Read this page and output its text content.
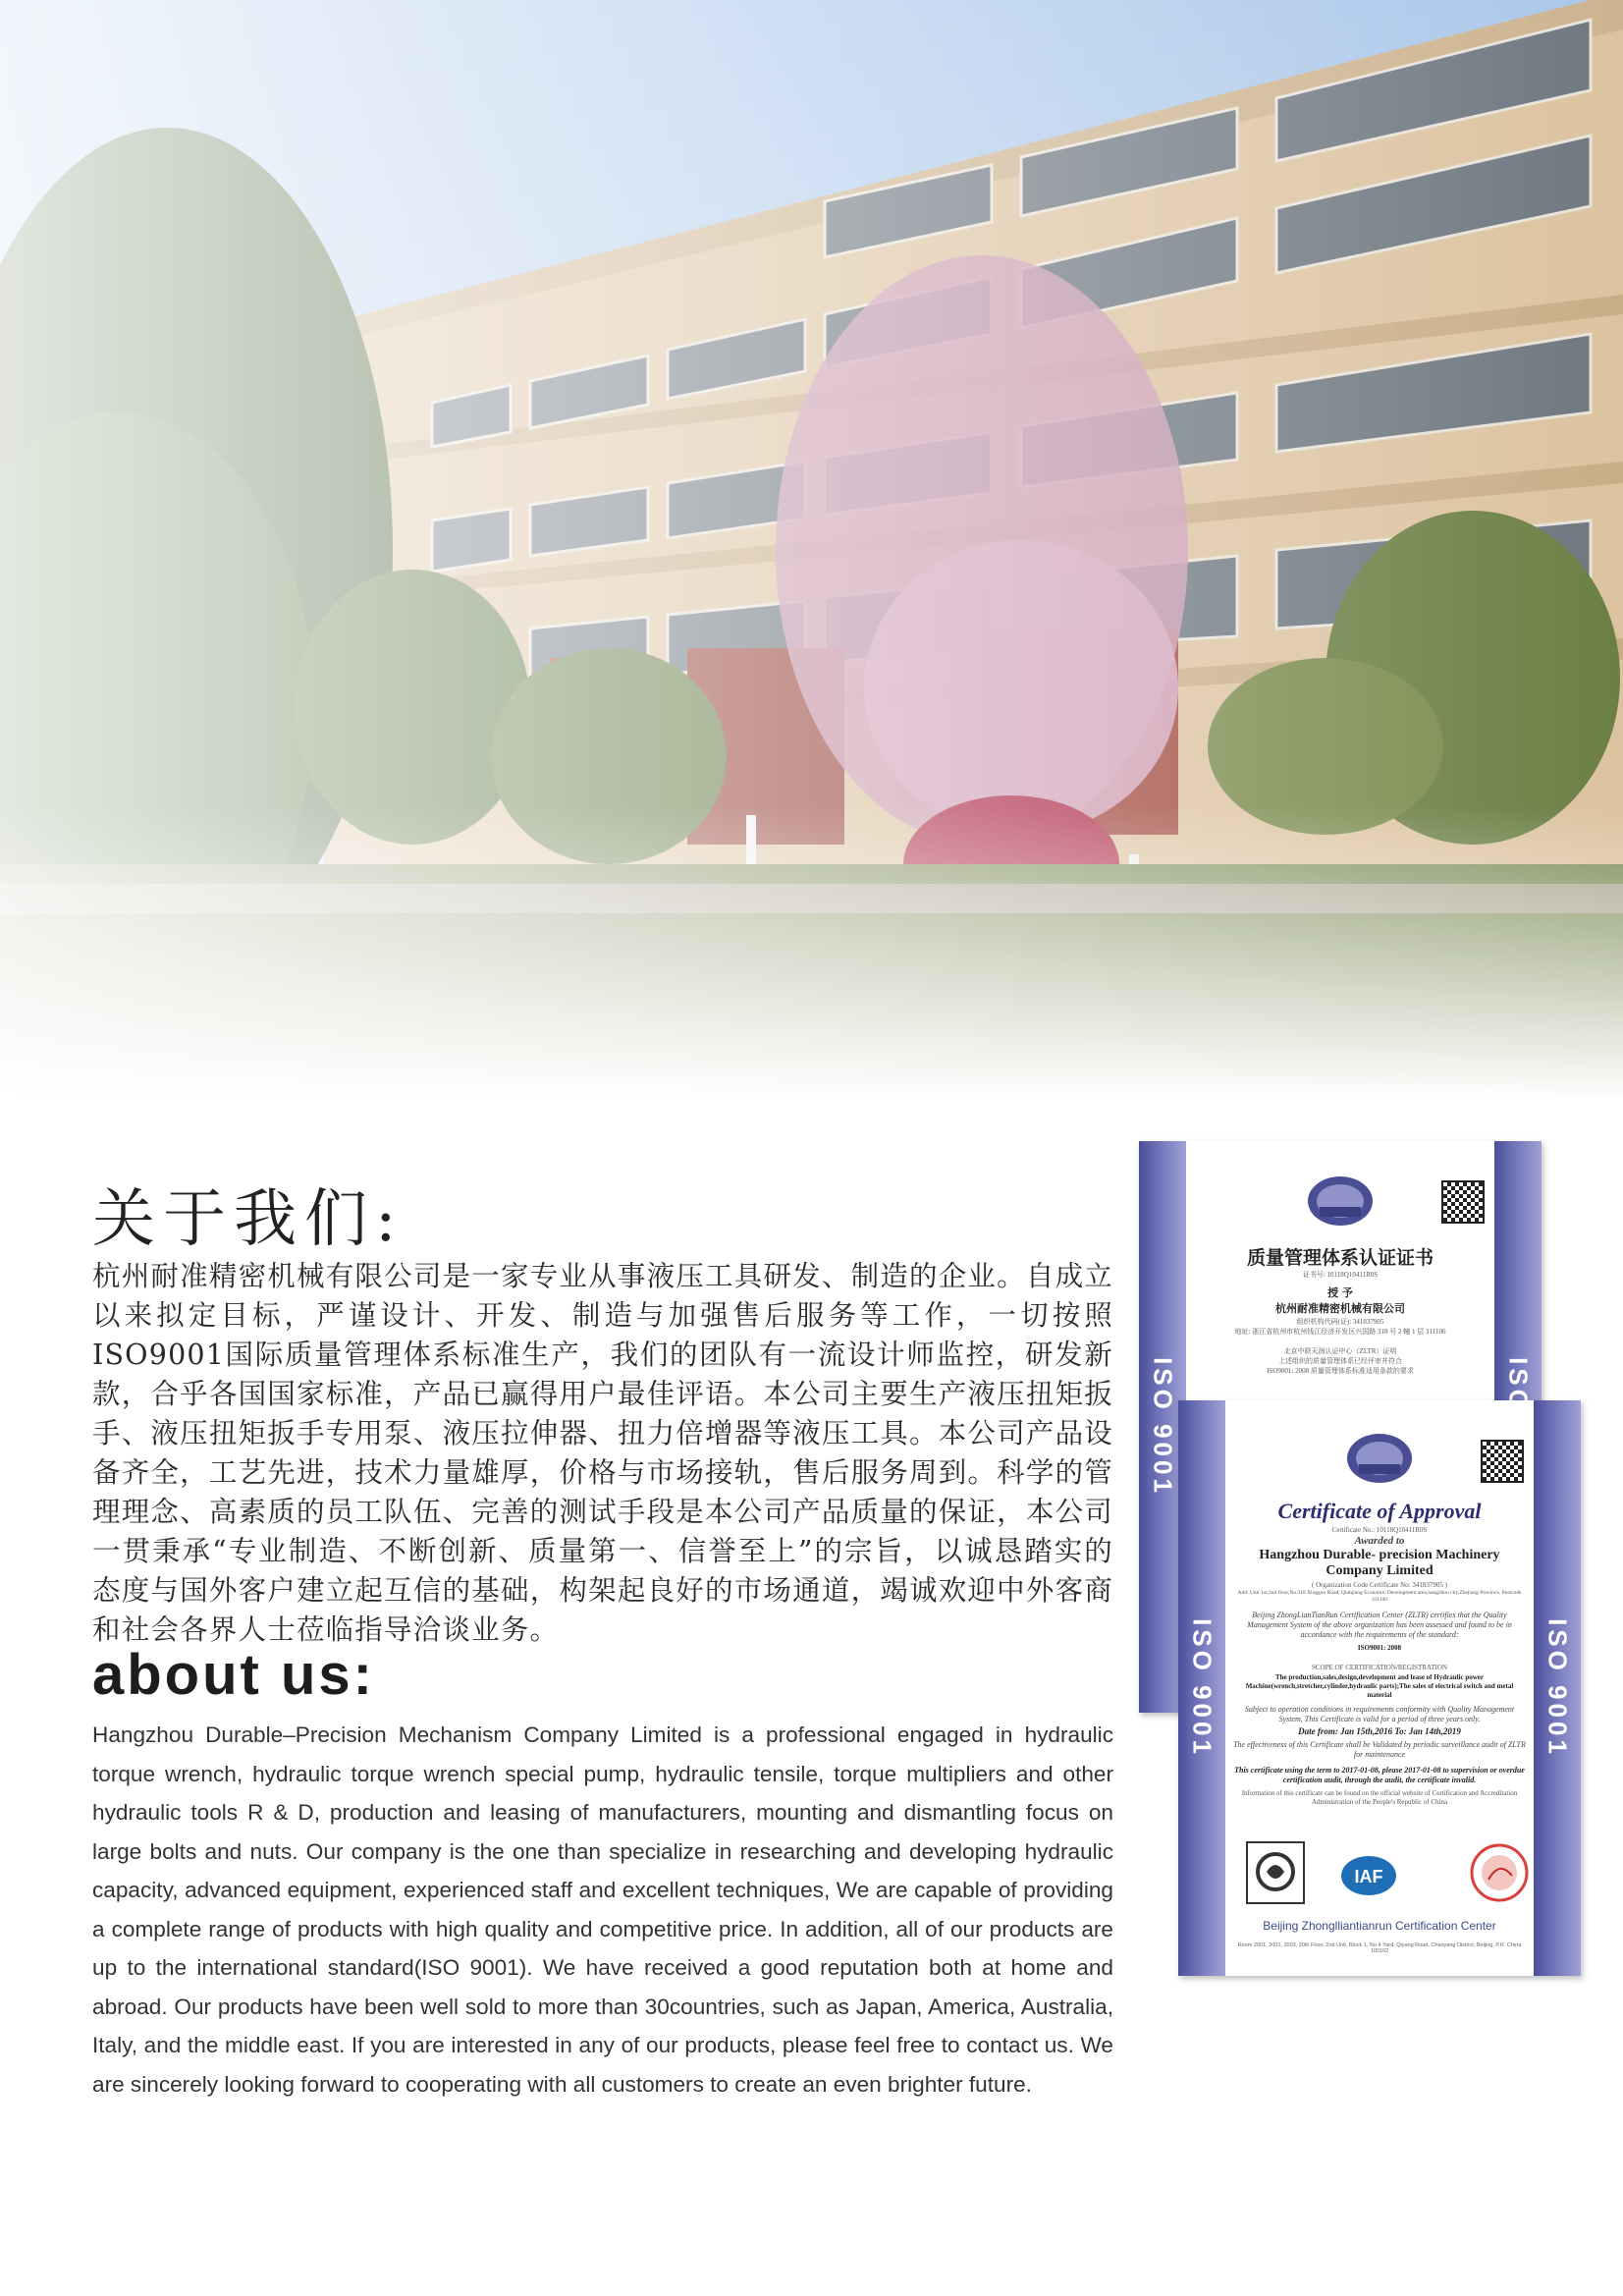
关于我们:
杭州耐准精密机械有限公司是一家专业从事液压工具研发、制造的企业。自成立以来拟定目标，严谨设计、开发、制造与加强售后服务等工作，一切按照ISO9001国际质量管理体系标准生产，我们的团队有一流设计师监控，研发新款，合乎各国国家标准，产品已赢得用户最佳评语。本公司主要生产液压扭矩扳手、液压扭矩扳手专用泵、液压拉伸器、扭力倍增器等液压工具。本公司产品设备齐全，工艺先进，技术力量雄厚，价格与市场接轨，售后服务周到。科学的管理理念、高素质的员工队伍、完善的测试手段是本公司产品质量的保证，本公司一贯秉承“专业制造、不断创新、质量第一、信誉至上”的宗旨，以诚恳踏实的态度与国外客户建立起互信的基础，构架起良好的市场通道，竭诚欢迎中外客商和社会各界人士莅临指导洽谈业务。
about us:
Hangzhou Durable–Precision Mechanism Company Limited is a professional engaged in hydraulic torque wrench, hydraulic torque wrench special pump, hydraulic tensile, torque multipliers and other hydraulic tools R & D, production and leasing of manufacturers, mounting and dismantling focus on large bolts and nuts. Our company is the one than specialize in researching and developing hydraulic capacity, advanced equipment, experienced staff and excellent techniques, We are capable of providing a complete range of products with high quality and competitive price. In addition, all of our products are up to the international standard(ISO 9001). We have received a good reputation both at home and abroad. Our products have been well sold to more than 30countries, such as Japan, America, Australia, Italy, and the middle east. If you are interested in any of our products, please feel free to contact us. We are sincerely looking forward to cooperating with all customers to create an even brighter future.
ISO 9001
质量管理体系认证证书
证书号: 10118Q10411R0S
授 予
杭州耐准精密机械有限公司
组织机构代码(证): 341837905
地址: 浙江省杭州市杭州钱江经济开发区兴国路 318 号 2 幢 1 层 311106
北京中联天润认证中心（ZLTR）证明
上述组织的质量管理体系已经评审并符合
ISO9001: 2008 质量管理体系标准适用条款的要求
ISO 9001	ISO 9001
Certificate of Approval
Certificate No.: 10118Q10411R0S
Awarded to
Hangzhou Durable- precision Machinery
Company Limited
( Organization Code Certificate No: 341837905 )
Add: Unit 1st,2nd floor,No.318 Xingguo Road, Qianjiang Economic Development area,hangzhou city,Zhejiang Province, Postcode 311106
Beijing ZhongLianTianRun Certification Center (ZLTR) certifies that the Quality Management System of the above organization has been assessed and found to be in accordance with the requirements of the standard:
ISO9001: 2008
SCOPE OF CERTIFICATION/REGISTRATION
The production,sales,design,development and lease of Hydraulic power Machine(wrench,stretcher,cylinder,hydraulic parts);The sales of electrical switch and metal material
Subject to operation conditions in requirements conformity with Quality Management System, This Certificate is valid for a period of three years only.
Date from: Jan 15th,2016 To: Jan 14th,2019
The effectiveness of this Certificate shall be Validated by periodic surveillance audit of ZLTR for maintenance
This certificate using the term to 2017-01-08, please 2017-01-08 to supervision or overdue certification audit, through the audit, the certificate invalid.
Information of this certificate can be found on the official website of Certification and Accreditation Administration of the People's Republic of China
IAF
Beijing Zhonglliantianrun Certification Center
Room 2001, 2002, 2003, 20th Floor, 2nd Unit, Block 1, No.4 Yard, Qiyang Road, Chaoyang District, Beijing, P.R. China 100102
